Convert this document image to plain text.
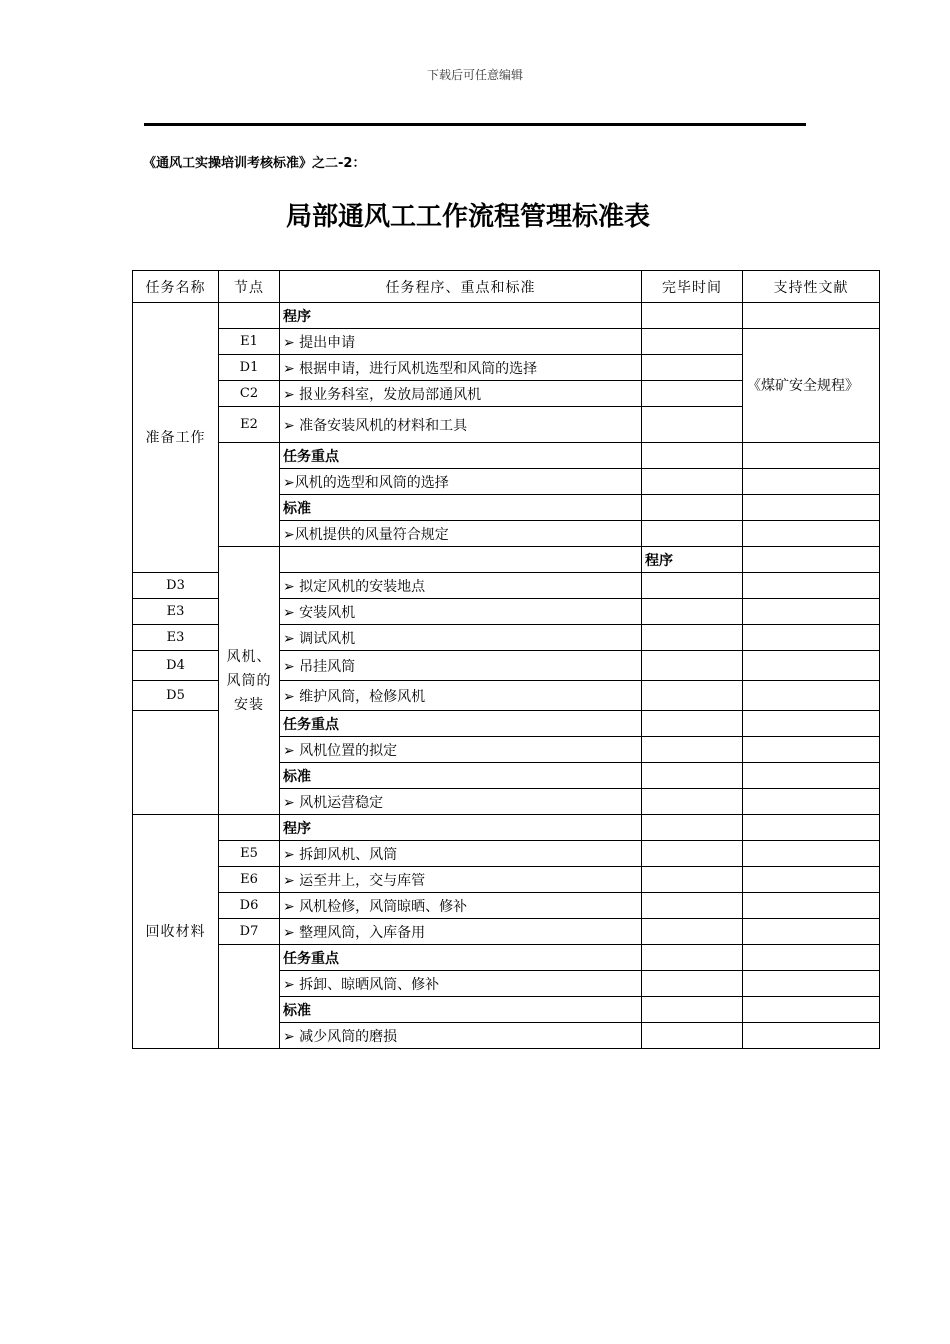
下载后可任意编辑
《通风工实操培训考核标准》之二-2：
局部通风工工作流程管理标准表
任务名称	节点	任务程序、重点和标准	完毕时间	支持性文献	
准备工作		程序			
	E1	➢ 提出申请		《煤矿安全规程》	
	D1	➢ 根据申请，进行风机选型和风筒的选择			
	C2	➢ 报业务科室，发放局部通风机			
	E2	➢ 准备安装风机的材料和工具			
		任务重点			
		➢风机的选型和风筒的选择			
		标准			
		➢风机提供的风量符合规定			
	风机、风筒的安装		程序		
D3		➢ 拟定风机的安装地点			
E3		➢ 安装风机			
E3		➢ 调试风机			
D4		➢ 吊挂风筒			
D5		➢ 维护风筒，检修风机			
		任务重点			
		➢ 风机位置的拟定			
		标准			
		➢ 风机运营稳定			
回收材料		程序			
	E5	➢ 拆卸风机、风筒			
	E6	➢ 运至井上，交与库管			
	D6	➢ 风机检修，风筒晾晒、修补			
	D7	➢ 整理风筒，入库备用			
		任务重点			
		➢ 拆卸、晾晒风筒、修补			
		标准			
		➢ 减少风筒的磨损			
